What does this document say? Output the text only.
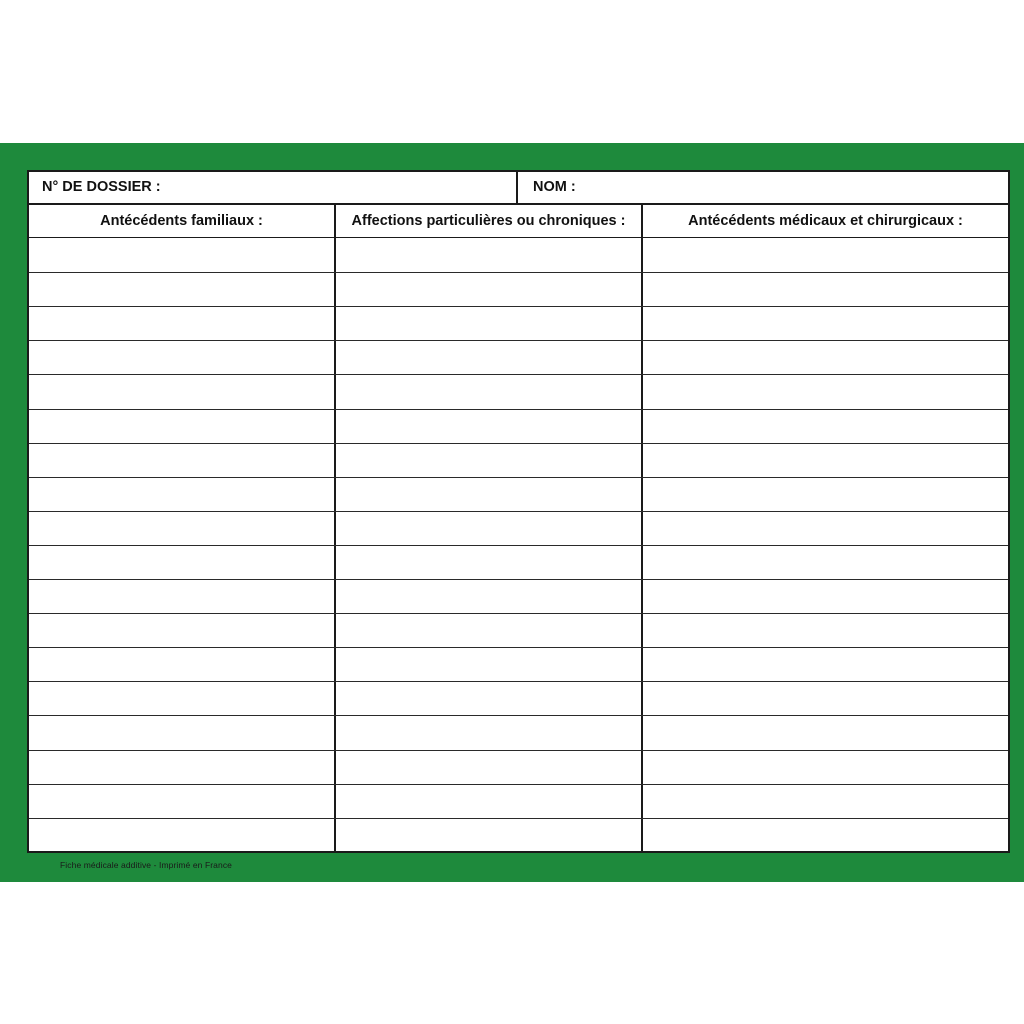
N° DE DOSSIER :	NOM :
Antécédents familiaux :	Affections particulières ou chroniques :	Antécédents médicaux et chirurgicaux :
Fiche médicale additive - Imprimé en France
